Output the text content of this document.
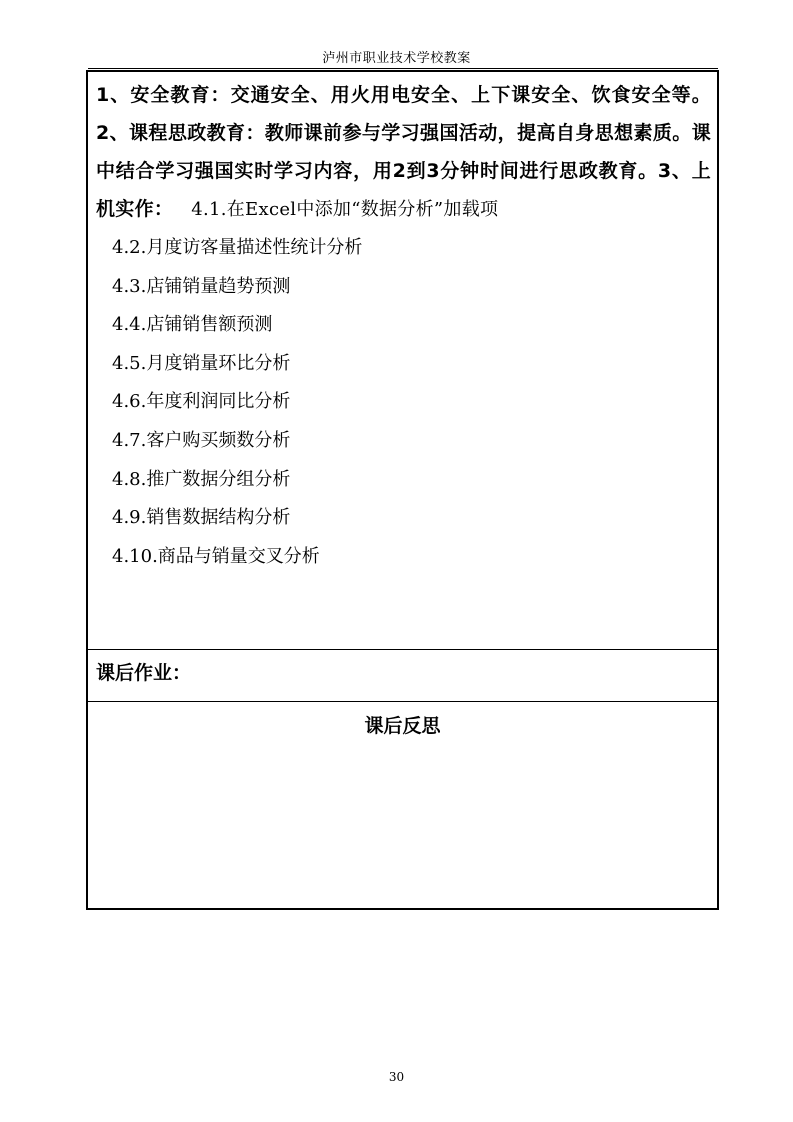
泸州市职业技术学校教案
1、安全教育：交通安全、用火用电安全、上下课安全、饮食安全等。2、课程思政教育：教师课前参与学习强国活动，提高自身思想素质。课中结合学习强国实时学习内容，用2到3分钟时间进行思政教育。3、上机实作： 4.1.在Excel中添加“数据分析”加载项
4.2.月度访客量描述性统计分析
4.3.店铺销量趋势预测
4.4.店铺销售额预测
4.5.月度销量环比分析
4.6.年度利润同比分析
4.7.客户购买频数分析
4.8.推广数据分组分析
4.9.销售数据结构分析
4.10.商品与销量交叉分析
课后作业：
课后反思
30
